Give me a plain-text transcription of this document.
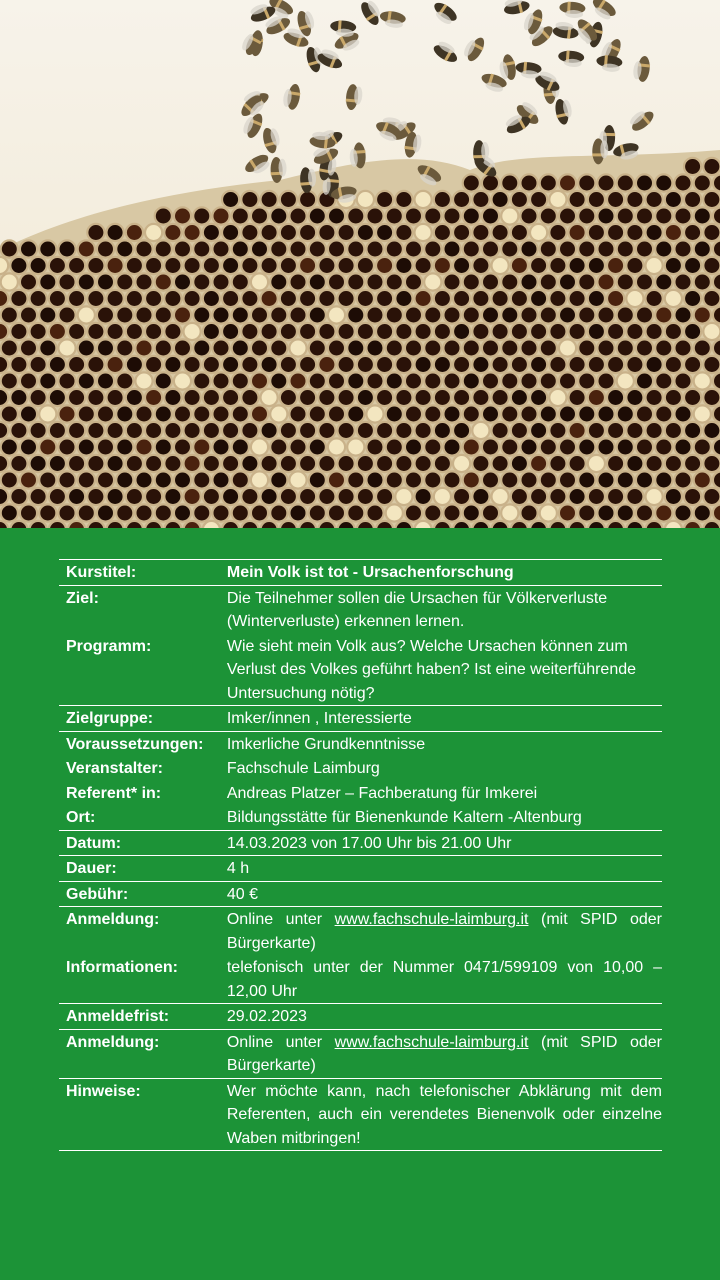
Kurstitel:	Mein Volk ist tot - Ursachenforschung
Ziel:	Die Teilnehmer sollen die Ursachen für Völkerverluste (Winterverluste) erkennen lernen.
Programm:	Wie sieht mein Volk aus? Welche Ursachen können zum Verlust des Volkes geführt haben? Ist eine weiterführende Untersuchung nötig?
Zielgruppe:	Imker/innen , Interessierte
Voraussetzungen:	Imkerliche Grundkenntnisse
Veranstalter:	Fachschule Laimburg
Referent* in:	Andreas Platzer – Fachberatung für Imkerei
Ort:	Bildungsstätte für Bienenkunde Kaltern -Altenburg
Datum:	14.03.2023 von 17.00 Uhr bis 21.00 Uhr
Dauer:	4 h
Gebühr:	40 €
Anmeldung:	Online unter www.fachschule-laimburg.it (mit SPID oder Bürgerkarte)
Informationen:	telefonisch unter der Nummer 0471/599109 von 10,00 – 12,00 Uhr
Anmeldefrist:	29.02.2023
Anmeldung:	Online unter www.fachschule-laimburg.it (mit SPID oder Bürgerkarte)
Hinweise:	Wer möchte kann, nach telefonischer Abklärung mit dem Referenten, auch ein verendetes Bienenvolk oder einzelne Waben mitbringen!
